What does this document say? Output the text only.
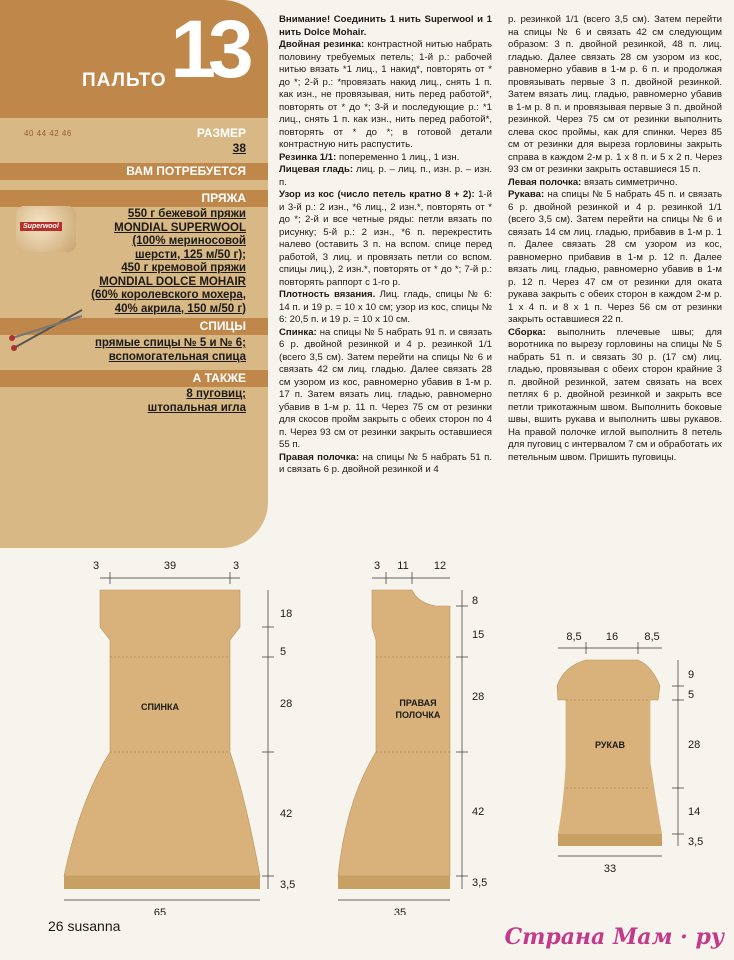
ПАЛЬТО 13
40 44 42 46	РАЗМЕР
38
ВАМ ПОТРЕБУЕТСЯ
ПРЯЖА
Superwool
550 г бежевой пряжи
MONDIAL SUPERWOOL
(100% мериносовой
шерсти, 125 м/50 г);
450 г кремовой пряжи
MONDIAL DOLCE MOHAIR
(60% королевского мохера,
40% акрила, 150 м/50 г)
СПИЦЫ
прямые спицы № 5 и № 6;
вспомогательная спица
А ТАКЖЕ
8 пуговиц;
штопальная игла

Внимание! Соединить 1 нить Superwool и 1 нить Dolce Mohair.

Двойная резинка: контрастной нитью набрать половину требуемых петель; 1-й р.: рабочей нитью вязать *1 лиц., 1 накид*, повторять от * до *; 2-й р.: *провязать накид лиц., снять 1 п. как изн., не провязывая, нить перед работой*, повторять от * до *; 3-й и последующие р.: *1 лиц., снять 1 п. как изн., нить перед работой*, повторять от * до *; в готовой детали контрастную нить распустить.

Резинка 1/1: попеременно 1 лиц., 1 изн.

Лицевая гладь: лиц. р. – лиц. п., изн. р. – изн. п.

Узор из кос (число петель кратно 8 + 2): 1-й и 3-й р.: 2 изн., *6 лиц., 2 изн.*, повторять от * до *; 2-й и все четные ряды: петли вязать по рисунку; 5-й р.: 2 изн., *6 п. перекрестить налево (оставить 3 п. на вспом. спице перед работой, 3 лиц. и провязать петли со вспом. спицы лиц.), 2 изн.*, повторять от * до *; 7-й р.: повторять раппорт с 1-го р.

Плотность вязания. Лиц. гладь, спицы № 6: 14 п. и 19 р. = 10 х 10 см; узор из кос, спицы № 6: 20,5 п. и 19 р. = 10 х 10 см.

Спинка: на спицы № 5 набрать 91 п. и связать 6 р. двойной резинкой и 4 р. резинкой 1/1 (всего 3,5 см). Затем перейти на спицы № 6 и связать 42 см лиц. гладью. Далее связать 28 см узором из кос, равномерно убавив в 1-м р. 17 п. Затем вязать лиц. гладью, равномерно убавив в 1-м р. 11 п. Через 75 см от резинки для скосов пройм закрыть с обеих сторон по 4 п. Через 93 см от резинки закрыть оставшиеся 55 п.

Правая полочка: на спицы № 5 набрать 51 п. и связать 6 р. двойной резинкой и 4

р. резинкой 1/1 (всего 3,5 см). Затем перейти на спицы № 6 и связать 42 см следующим образом: 3 п. двойной резинкой, 48 п. лиц. гладью. Далее связать 28 см узором из кос, равномерно убавив в 1-м р. 6 п. и продолжая провязывать первые 3 п. двойной резинкой. Затем вязать лиц. гладью, равномерно убавив в 1-м р. 8 п. и провязывая первые 3 п. двойной резинкой. Через 75 см от резинки выполнить слева скос проймы, как для спинки. Через 85 см от резинки для выреза горловины закрыть справа в каждом 2-м р. 1 х 8 п. и 5 х 2 п. Через 93 см от резинки закрыть оставшиеся 15 п.

Левая полочка: вязать симметрично.

Рукава: на спицы № 5 набрать 45 п. и связать 6 р. двойной резинкой и 4 р. резинкой 1/1 (всего 3,5 см). Затем перейти на спицы № 6 и связать 14 см лиц. гладью, прибавив в 1-м р. 1 п. Далее связать 28 см узором из кос, равномерно прибавив в 1-м р. 12 п. Далее вязать лиц. гладью, равномерно убавив в 1-м р. 12 п. Через 47 см от резинки для оката рукава закрыть с обеих сторон в каждом 2-м р. 1 х 4 п. и 8 х 1 п. Через 56 см от резинки закрыть оставшиеся 22 п.

Сборка: выполнить плечевые швы; для воротника по вырезу горловины на спицы № 5 набрать 51 п. и связать 30 р. (17 см) лиц. гладью, провязывая с обеих сторон крайние 3 п. двойной резинкой, затем связать на всех петлях 6 р. двойной резинкой и закрыть все петли трикотажным швом. Выполнить боковые швы, вшить рукава и выполнить швы рукавов. На правой полочке иглой выполнить 8 петель для пуговиц с интервалом 7 см и обработать их петельным швом. Пришить пуговицы.

СПИНКА
3	39	3
18
5
28
42
3,5
65
ПРАВАЯ
ПОЛОЧКА
3 11 12
8
15
28
42
3,5
35
РУКАВ
8,5 16 8,5
9
5
28
14
3,5
33
26 susanna	Страна Мам · ру
